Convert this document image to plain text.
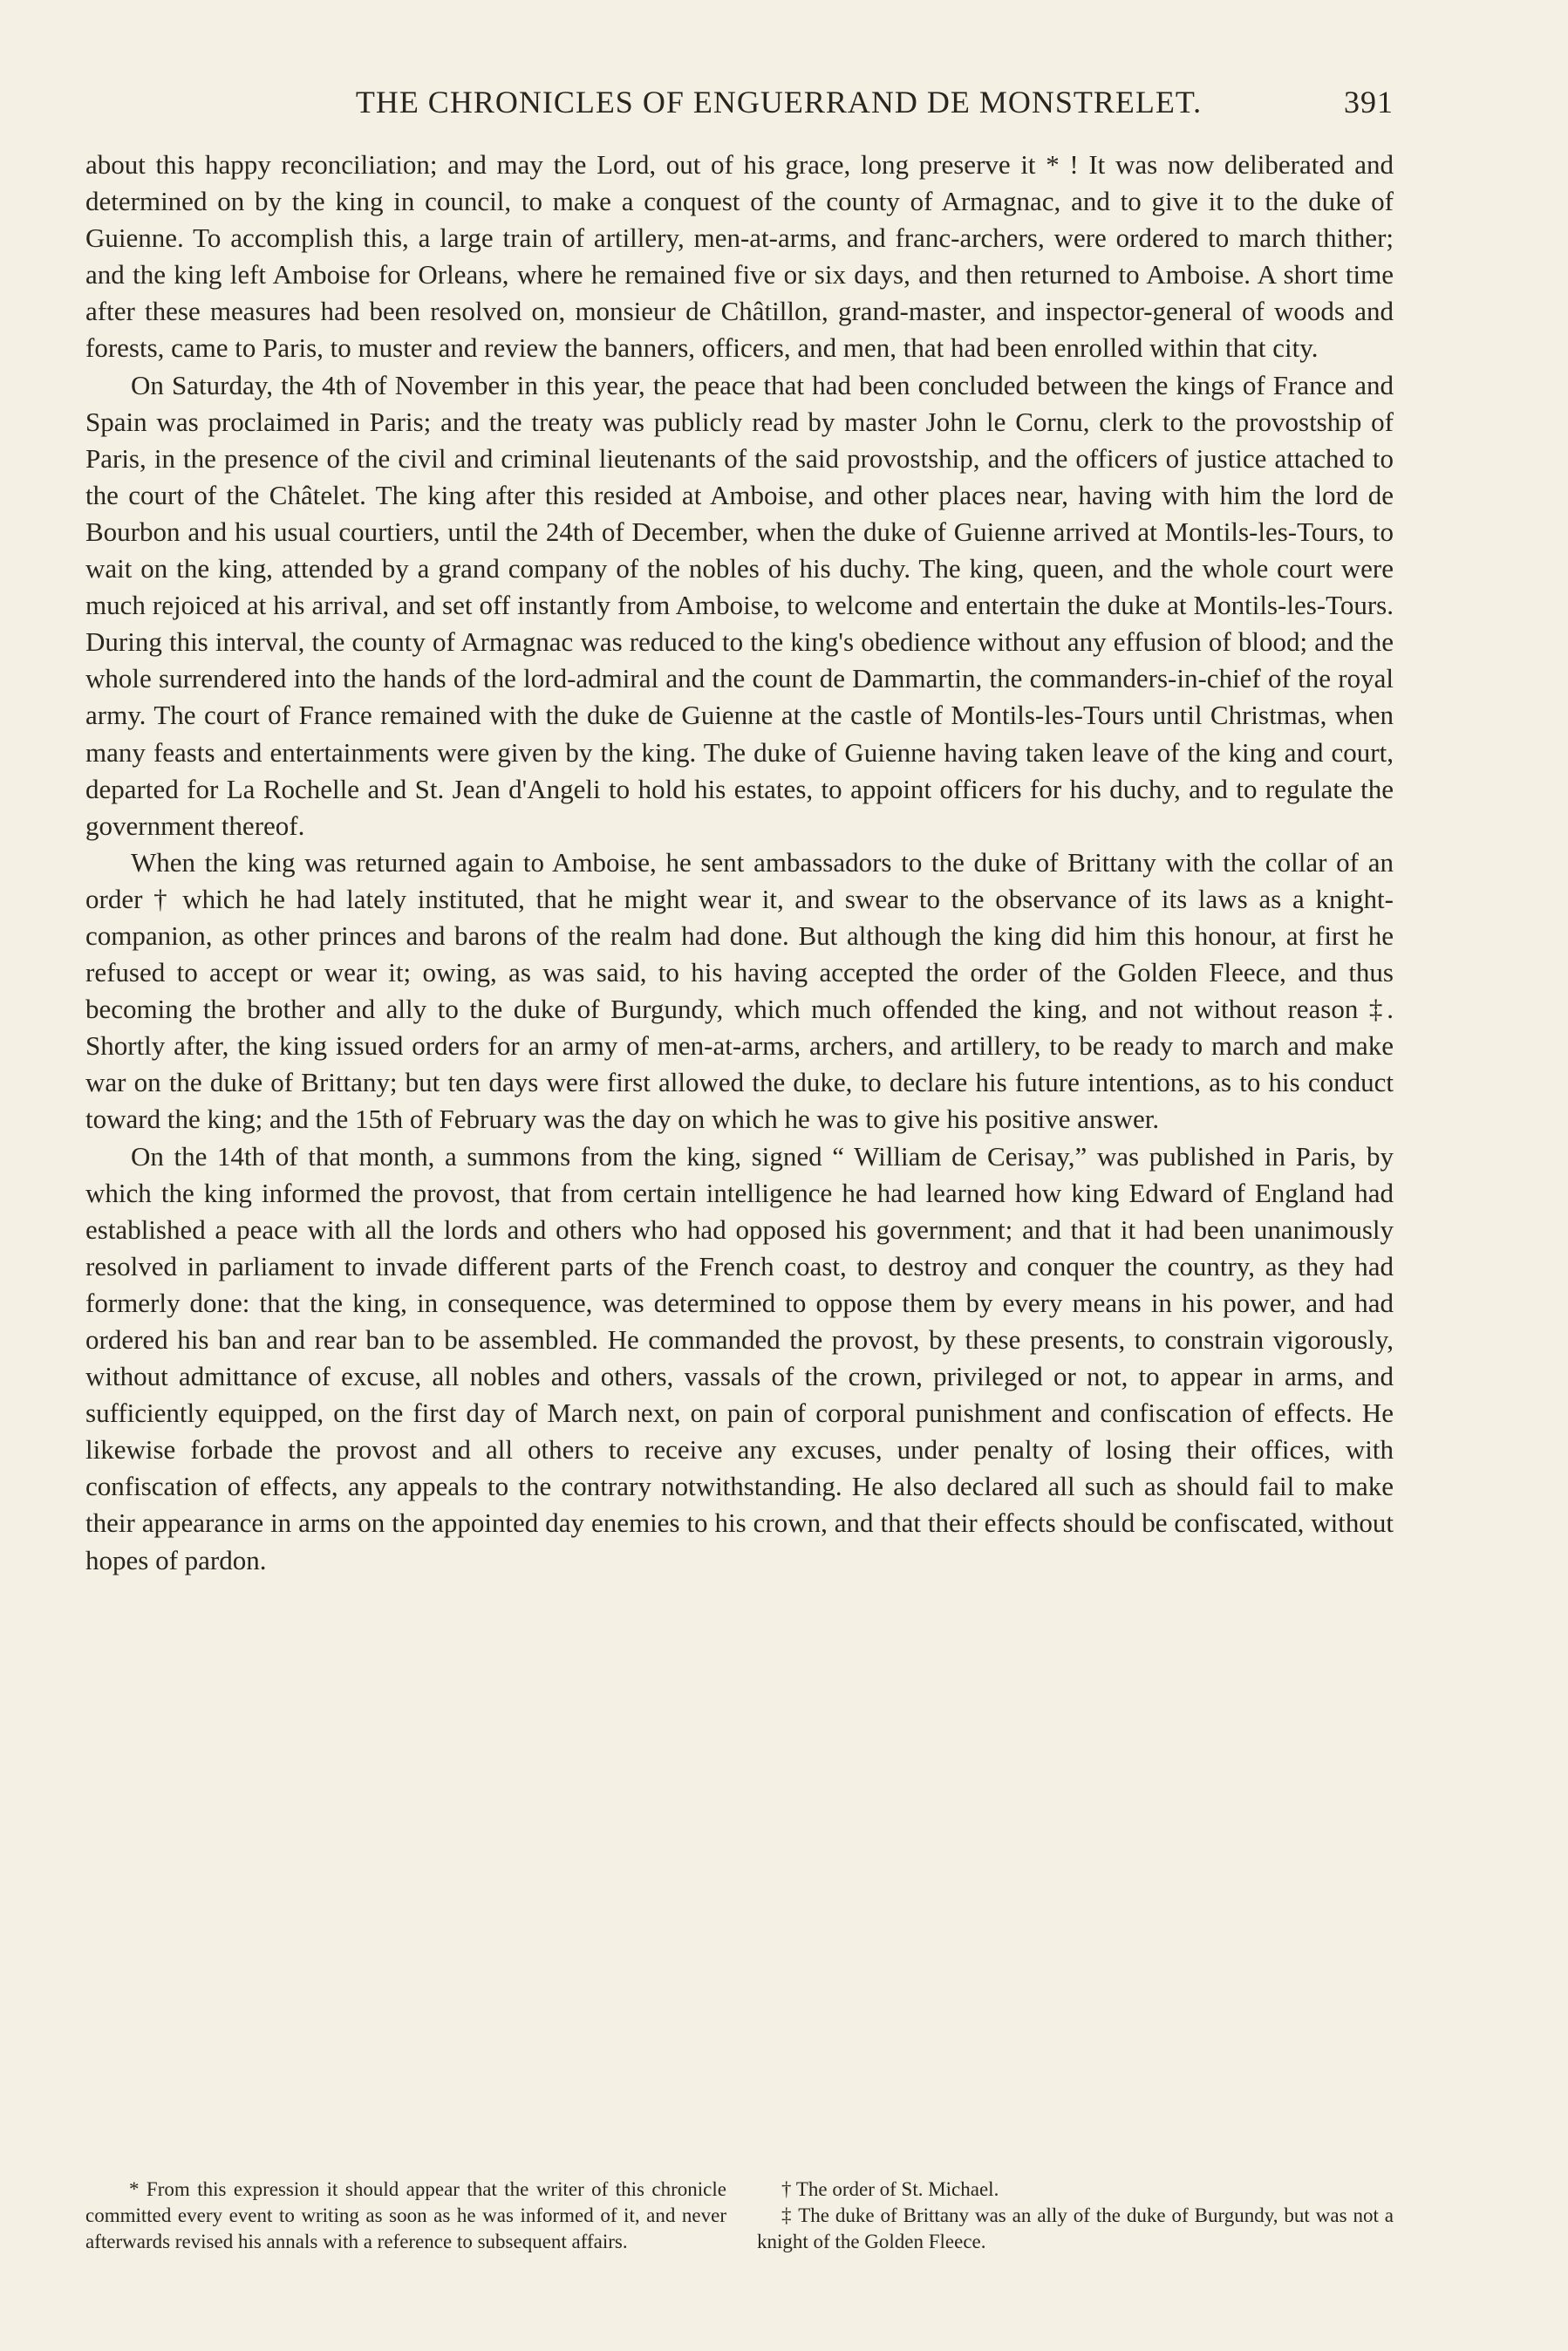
THE CHRONICLES OF ENGUERRAND DE MONSTRELET.	391

about this happy reconciliation; and may the Lord, out of his grace, long preserve it * ! It was now deliberated and determined on by the king in council, to make a conquest of the county of Armagnac, and to give it to the duke of Guienne. To accomplish this, a large train of artillery, men-at-arms, and franc-archers, were ordered to march thither; and the king left Amboise for Orleans, where he remained five or six days, and then returned to Amboise. A short time after these measures had been resolved on, monsieur de Châtillon, grand-master, and inspector-general of woods and forests, came to Paris, to muster and review the banners, officers, and men, that had been enrolled within that city.

On Saturday, the 4th of November in this year, the peace that had been concluded between the kings of France and Spain was proclaimed in Paris; and the treaty was publicly read by master John le Cornu, clerk to the provostship of Paris, in the presence of the civil and criminal lieutenants of the said provostship, and the officers of justice attached to the court of the Châtelet. The king after this resided at Amboise, and other places near, having with him the lord de Bourbon and his usual courtiers, until the 24th of December, when the duke of Guienne arrived at Montils-les-Tours, to wait on the king, attended by a grand company of the nobles of his duchy. The king, queen, and the whole court were much rejoiced at his arrival, and set off instantly from Amboise, to welcome and entertain the duke at Montils-les-Tours. During this interval, the county of Armagnac was reduced to the king's obedience without any effusion of blood; and the whole surrendered into the hands of the lord-admiral and the count de Dammartin, the commanders-in-chief of the royal army. The court of France remained with the duke de Guienne at the castle of Montils-les-Tours until Christmas, when many feasts and entertainments were given by the king. The duke of Guienne having taken leave of the king and court, departed for La Rochelle and St. Jean d'Angeli to hold his estates, to appoint officers for his duchy, and to regulate the government thereof.

When the king was returned again to Amboise, he sent ambassadors to the duke of Brittany with the collar of an order † which he had lately instituted, that he might wear it, and swear to the observance of its laws as a knight-companion, as other princes and barons of the realm had done. But although the king did him this honour, at first he refused to accept or wear it; owing, as was said, to his having accepted the order of the Golden Fleece, and thus becoming the brother and ally to the duke of Burgundy, which much offended the king, and not without reason ‡. Shortly after, the king issued orders for an army of men-at-arms, archers, and artillery, to be ready to march and make war on the duke of Brittany; but ten days were first allowed the duke, to declare his future intentions, as to his conduct toward the king; and the 15th of February was the day on which he was to give his positive answer.

On the 14th of that month, a summons from the king, signed “ William de Cerisay,” was published in Paris, by which the king informed the provost, that from certain intelligence he had learned how king Edward of England had established a peace with all the lords and others who had opposed his government; and that it had been unanimously resolved in parliament to invade different parts of the French coast, to destroy and conquer the country, as they had formerly done: that the king, in consequence, was determined to oppose them by every means in his power, and had ordered his ban and rear ban to be assembled. He commanded the provost, by these presents, to constrain vigorously, without admittance of excuse, all nobles and others, vassals of the crown, privileged or not, to appear in arms, and sufficiently equipped, on the first day of March next, on pain of corporal punishment and confiscation of effects. He likewise forbade the provost and all others to receive any excuses, under penalty of losing their offices, with confiscation of effects, any appeals to the contrary notwithstanding. He also declared all such as should fail to make their appearance in arms on the appointed day enemies to his crown, and that their effects should be confiscated, without hopes of pardon.

* From this expression it should appear that the writer of this chronicle committed every event to writing as soon as he was informed of it, and never afterwards revised his annals with a reference to subsequent affairs.

† The order of St. Michael.

‡ The duke of Brittany was an ally of the duke of Burgundy, but was not a knight of the Golden Fleece.
